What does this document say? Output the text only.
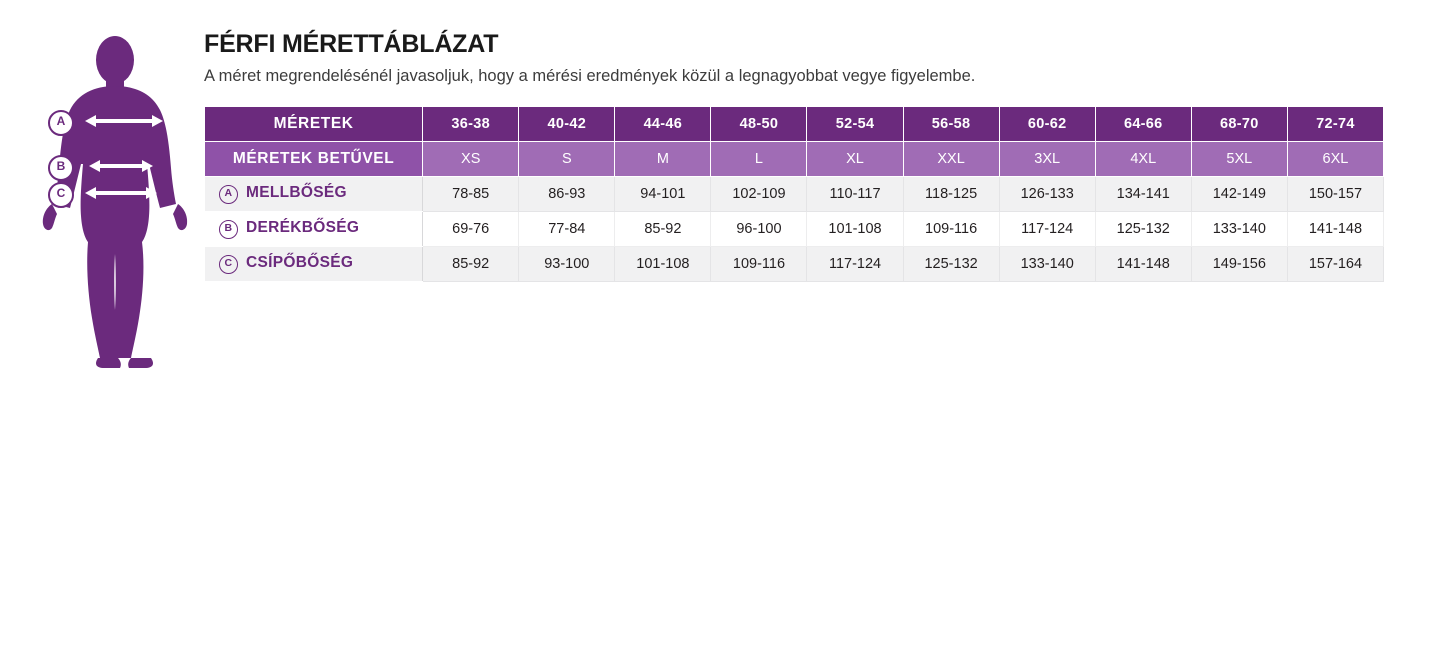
A
B
C
FÉRFI MÉRETTÁBLÁZAT

A méret megrendelésénél javasoljuk, hogy a mérési eredmények közül a legnagyobbat vegye figyelembe.

MÉRETEK	36-38	40-42	44-46	48-50	52-54	56-58	60-62	64-66	68-70	72-74
MÉRETEK BETŰVEL	XS	S	M	L	XL	XXL	3XL	4XL	5XL	6XL
A MELLBŐSÉG	78-85	86-93	94-101	102-109	110-117	118-125	126-133	134-141	142-149	150-157
B DERÉKBŐSÉG	69-76	77-84	85-92	96-100	101-108	109-116	117-124	125-132	133-140	141-148
C CSÍPŐBŐSÉG	85-92	93-100	101-108	109-116	117-124	125-132	133-140	141-148	149-156	157-164
